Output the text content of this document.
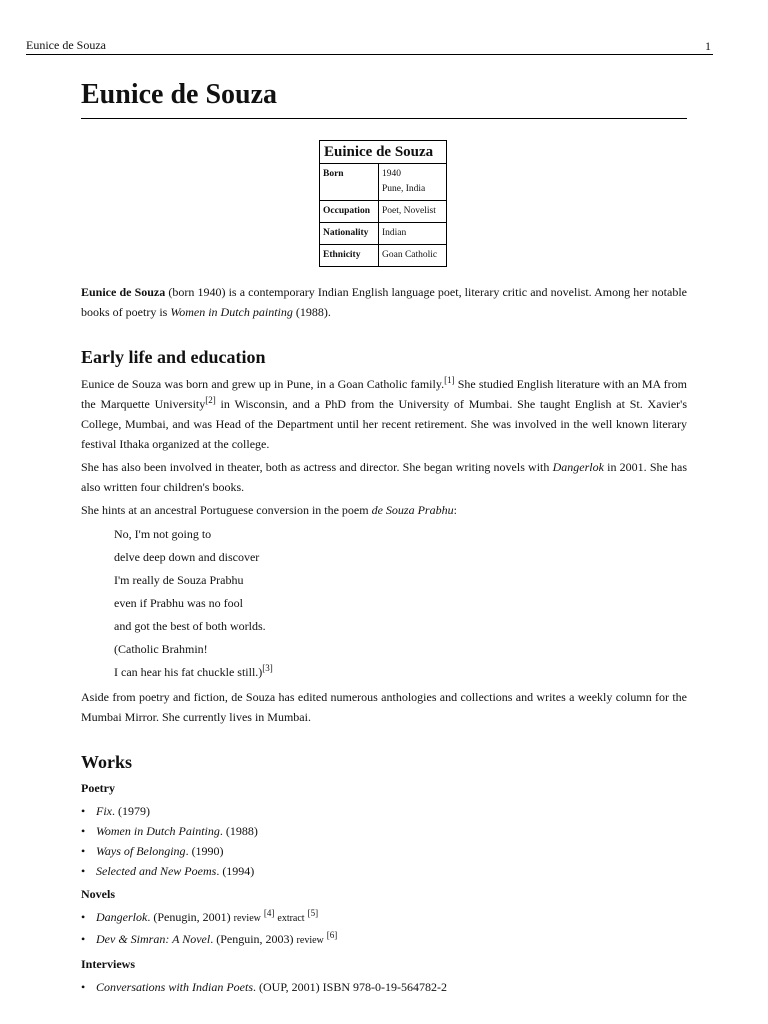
Eunice de Souza	1
Eunice de Souza
Euinice de Souza	
Born	1940
Pune, India

Occupation	Poet, Novelist
Nationality	Indian
Ethnicity	Goan Catholic

Eunice de Souza (born 1940) is a contemporary Indian English language poet, literary critic and novelist. Among her notable books of poetry is Women in Dutch painting (1988).

Early life and education

Eunice de Souza was born and grew up in Pune, in a Goan Catholic family.[1] She studied English literature with an MA from the Marquette University[2] in Wisconsin, and a PhD from the University of Mumbai. She taught English at St. Xavier's College, Mumbai, and was Head of the Department until her recent retirement. She was involved in the well known literary festival Ithaka organized at the college.

She has also been involved in theater, both as actress and director. She began writing novels with Dangerlok in 2001. She has also written four children's books.

She hints at an ancestral Portuguese conversion in the poem de Souza Prabhu:

No, I'm not going to
delve deep down and discover
I'm really de Souza Prabhu
even if Prabhu was no fool
and got the best of both worlds.
(Catholic Brahmin!
I can hear his fat chuckle still.)[3]

Aside from poetry and fiction, de Souza has edited numerous anthologies and collections and writes a weekly column for the Mumbai Mirror. She currently lives in Mumbai.

Works
Poetry
• Fix. (1979)
• Women in Dutch Painting. (1988)
• Ways of Belonging. (1990)
• Selected and New Poems. (1994)
Novels
• Dangerlok. (Penugin, 2001) review [4] extract [5]
• Dev & Simran: A Novel. (Penguin, 2003) review [6]
Interviews
• Conversations with Indian Poets. (OUP, 2001) ISBN 978-0-19-564782-2
